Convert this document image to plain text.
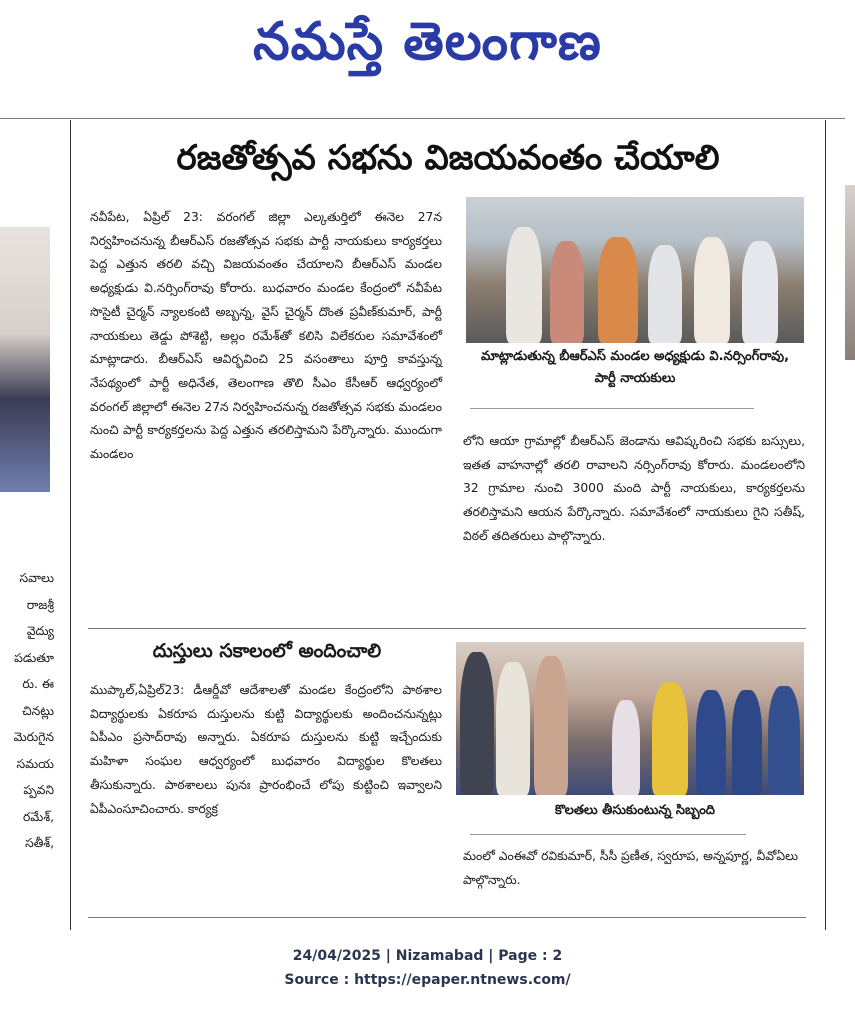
నమస్తే తెలంగాణ
‌ ‌ ‌ ‌
సవాలు
రాజశ్రీ
వైద్యు
పడుతూ
రు. ఈ
చినట్లు
మెరుగైన
సమయ
ప్పవని
రమేశ్,
సతీశ్,
రజతోత్సవ సభను విజయవంతం చేయాలి

నవీపేట, ఏప్రిల్ 23: వరంగల్ జిల్లా ఎల్కతుర్తిలో ఈనెల 27న నిర్వహించనున్న బీఆర్ఎస్ రజతోత్సవ సభకు పార్టీ నాయకులు కార్యకర్తలు పెద్ద ఎత్తున తరలి వచ్చి విజయవంతం చేయాలని బీఆర్ఎస్ మండల అధ్యక్షుడు వి.నర్సింగ్‌రావు కోరారు. బుధవారం మండల కేంద్రంలో నవీపేట సొసైటీ చైర్మన్ న్యాలకంటి అబ్బన్న, వైస్ చైర్మన్ దొంత ప్రవీణ్‌కుమార్, పార్టీ నాయకులు తెడ్డు పోశెట్టి, అల్లం రమేశ్‌తో కలిసి విలేకరుల సమావేశంలో మాట్లాడారు. బీఆర్ఎస్ ఆవిర్భవించి 25 వసంతాలు పూర్తి కావస్తున్న నేపథ్యంలో పార్టీ అధినేత, తెలంగాణ తొలి సీఎం కేసీఆర్ ఆధ్వర్యంలో వరంగల్ జిల్లాలో ఈనెల 27న నిర్వహించనున్న రజతోత్సవ సభకు మండలం నుంచి పార్టీ కార్యకర్తలను పెద్ద ఎత్తున తరలిస్తామని పేర్కొన్నారు. ముందుగా మండలం

మాట్లాడుతున్న బీఆర్ఎస్ మండల అధ్యక్షుడు వి.నర్సింగ్‌రావు, పార్టీ నాయకులు

లోని ఆయా గ్రామాల్లో బీఆర్ఎస్ జెండాను ఆవిష్కరించి సభకు బస్సులు, ఇతత వాహనాల్లో తరలి రావాలని నర్సింగ్‌రావు కోరారు. మండలంలోని 32 గ్రామాల నుంచి 3000 మంది పార్టీ నాయకులు, కార్యకర్తలను తరలిస్తామని ఆయన పేర్కొన్నారు. సమావేశంలో నాయకులు గైని సతీష్, విఠల్ తదితరులు పాల్గొన్నారు.

దుస్తులు సకాలంలో అందించాలి

ముప్కాల్,ఏప్రిల్23: డీఆర్డీవో ఆదేశాలతో మండల కేంద్రంలోని పాఠశాల విద్యార్థులకు ఏకరూప దుస్తులను కుట్టి విద్యార్థులకు అందించనున్నట్లు ఏపీఎం ప్రసాద్‌రావు అన్నారు. ఏకరూప దుస్తులను కుట్టి ఇచ్చేందుకు మహిళా సంఘల ఆధ్వర్యంలో బుధవారం విద్యార్థుల కొలతలు తీసుకున్నారు. పాఠశాలలు పునః ప్రారంభించే లోపు కుట్టించి ఇవ్వాలని ఏపీఎంసూచించారు. కార్యక్ర	కొలతలు తీసుకుంటున్న సిబ్బంది

మంలో ఎంఈవో రవికుమార్, సీసీ ప్రణీత, స్వరూప, అన్నపూర్ణ, వీవోఏలు పాల్గొన్నారు.

24/04/2025 | Nizamabad | Page : 2
Source : https://epaper.ntnews.com/
